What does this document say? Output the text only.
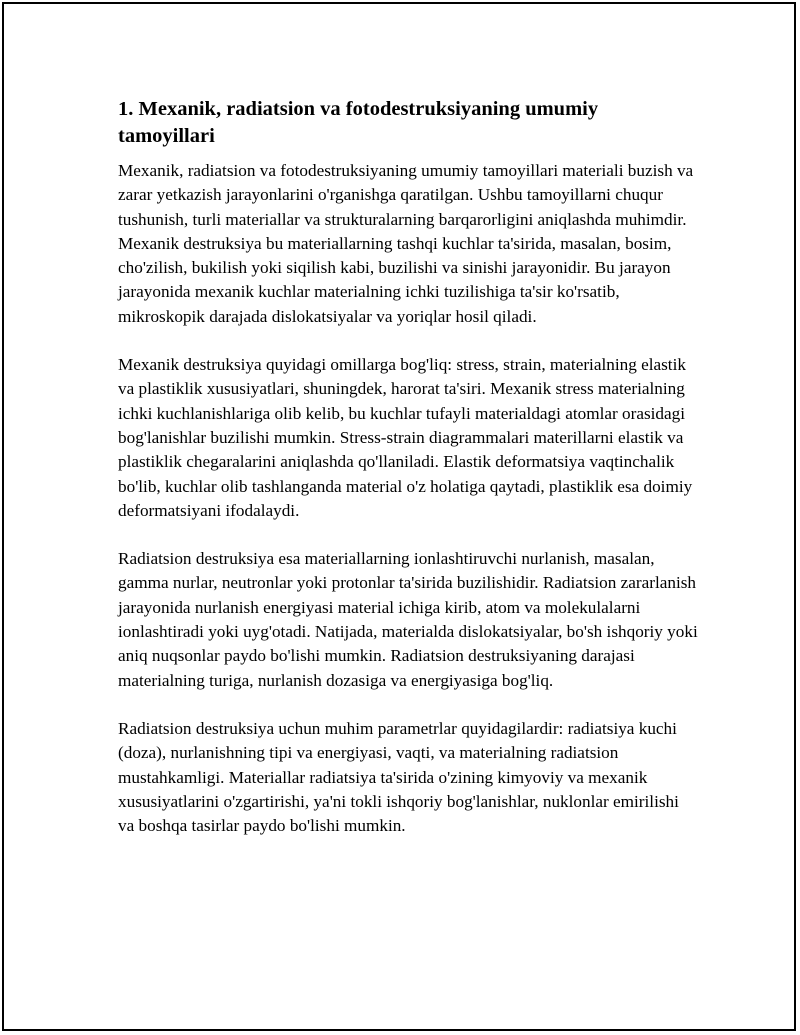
1. Mexanik, radiatsion va fotodestruksiyaning umumiy tamoyillari

Mexanik, radiatsion va fotodestruksiyaning umumiy tamoyillari materiali buzish va zarar yetkazish jarayonlarini o'rganishga qaratilgan. Ushbu tamoyillarni chuqur tushunish, turli materiallar va strukturalarning barqarorligini aniqlashda muhimdir. Mexanik destruksiya bu materiallarning tashqi kuchlar ta'sirida, masalan, bosim, cho'zilish, bukilish yoki siqilish kabi, buzilishi va sinishi jarayonidir. Bu jarayon jarayonida mexanik kuchlar materialning ichki tuzilishiga ta'sir ko'rsatib, mikroskopik darajada dislokatsiyalar va yoriqlar hosil qiladi.

Mexanik destruksiya quyidagi omillarga bog'liq: stress, strain, materialning elastik va plastiklik xususiyatlari, shuningdek, harorat ta'siri. Mexanik stress materialning ichki kuchlanishlariga olib kelib, bu kuchlar tufayli materialdagi atomlar orasidagi bog'lanishlar buzilishi mumkin. Stress-strain diagrammalari materillarni elastik va plastiklik chegaralarini aniqlashda qo'llaniladi. Elastik deformatsiya vaqtinchalik bo'lib, kuchlar olib tashlanganda material o'z holatiga qaytadi, plastiklik esa doimiy deformatsiyani ifodalaydi.

Radiatsion destruksiya esa materiallarning ionlashtiruvchi nurlanish, masalan, gamma nurlar, neutronlar yoki protonlar ta'sirida buzilishidir. Radiatsion zararlanish jarayonida nurlanish energiyasi material ichiga kirib, atom va molekulalarni ionlashtiradi yoki uyg'otadi. Natijada, materialda dislokatsiyalar, bo'sh ishqoriy yoki aniq nuqsonlar paydo bo'lishi mumkin. Radiatsion destruksiyaning darajasi materialning turiga, nurlanish dozasiga va energiyasiga bog'liq.

Radiatsion destruksiya uchun muhim parametrlar quyidagilardir: radiatsiya kuchi (doza), nurlanishning tipi va energiyasi, vaqti, va materialning radiatsion mustahkamligi. Materiallar radiatsiya ta'sirida o'zining kimyoviy va mexanik xususiyatlarini o'zgartirishi, ya'ni tokli ishqoriy bog'lanishlar, nuklonlar emirilishi va boshqa tasirlar paydo bo'lishi mumkin.
